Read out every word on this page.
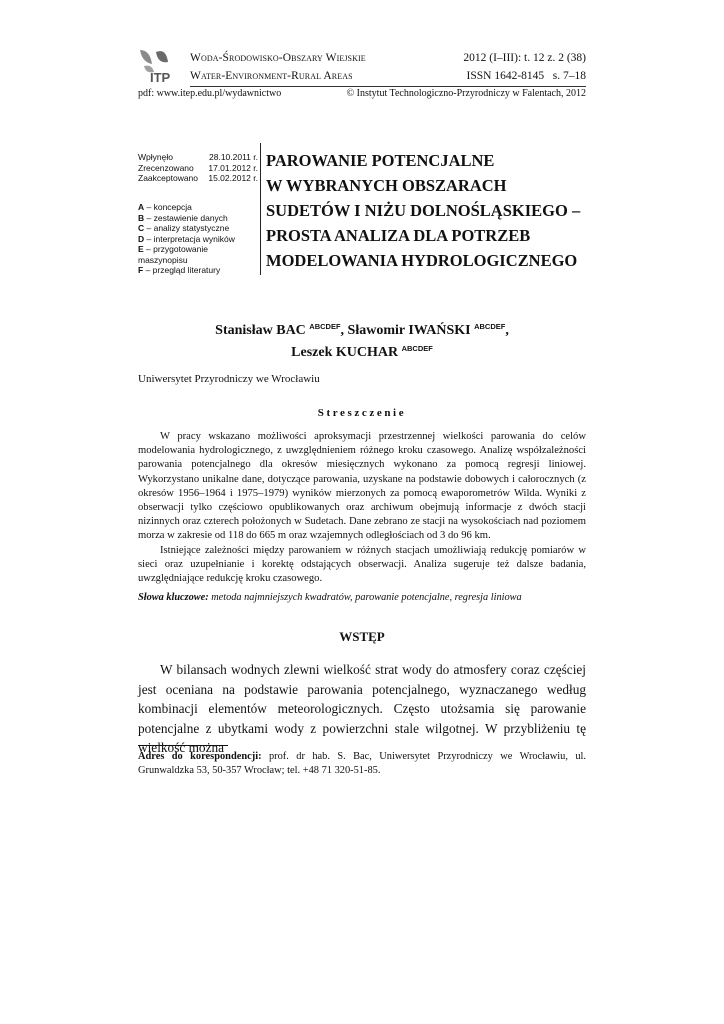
ITP
Woda-Środowisko-Obszary Wiejskie
Water-Environment-Rural Areas
2012 (I–III): t. 12 z. 2 (38)
ISSN 1642-8145   s. 7–18
pdf: www.itep.edu.pl/wydawnictwo	© Instytut Technologiczno-Przyrodniczy w Falentach, 2012
Wpłynęło	28.10.2011 r.
Zrecenzowano 17.01.2012 r.
Zaakceptowano 15.02.2012 r.
A – koncepcja
B – zestawienie danych
C – analizy statystyczne
D – interpretacja wyników
E – przygotowanie maszynopisu
F – przegląd literatury
PAROWANIE POTENCJALNE
W WYBRANYCH OBSZARACH
SUDETÓW I NIŻU DOLNOŚLĄSKIEGO –
PROSTA ANALIZA DLA POTRZEB
MODELOWANIA HYDROLOGICZNEGO
Stanisław BAC $^{ABCDEF}$, Sławomir IWAŃSKI $^{ABCDEF}$,
Leszek KUCHAR $^{ABCDEF}$
Uniwersytet Przyrodniczy we Wrocławiu
Streszczenie

W pracy wskazano możliwości aproksymacji przestrzennej wielkości parowania do celów modelowania hydrologicznego, z uwzględnieniem różnego kroku czasowego. Analizę współzależności parowania potencjalnego dla okresów miesięcznych wykonano za pomocą regresji liniowej. Wykorzystano unikalne dane, dotyczące parowania, uzyskane na podstawie dobowych i całorocznych (z okresów 1956–1964 i 1975–1979) wyników mierzonych za pomocą ewaporometrów Wilda. Wyniki z obserwacji tylko częściowo opublikowanych oraz archiwum obejmują informacje z dwóch stacji nizinnych oraz czterech położonych w Sudetach. Dane zebrano ze stacji na wysokościach nad poziomem morza w zakresie od 118 do 665 m oraz wzajemnych odległościach od 3 do 96 km.

Istniejące zależności między parowaniem w różnych stacjach umożliwiają redukcję pomiarów w sieci oraz uzupełnianie i korektę odstających obserwacji. Analiza sugeruje też dalsze badania, uwzględniające redukcję kroku czasowego.

Słowa kluczowe: metoda najmniejszych kwadratów, parowanie potencjalne, regresja liniowa
WSTĘP

W bilansach wodnych zlewni wielkość strat wody do atmosfery coraz częściej jest oceniana na podstawie parowania potencjalnego, wyznaczanego według kombinacji elementów meteorologicznych. Często utożsamia się parowanie potencjalne z ubytkami wody z powierzchni stale wilgotnej. W przybliżeniu tę wielkość można

Adres do korespondencji: prof. dr hab. S. Bac, Uniwersytet Przyrodniczy we Wrocławiu, ul. Grunwaldzka 53, 50-357 Wrocław; tel. +48 71 320-51-85.
